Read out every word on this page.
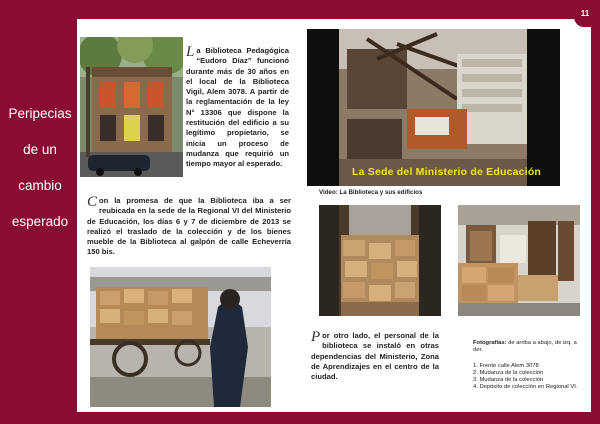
Peripecias
de un
cambio
esperado
11
La Biblioteca Pedagógica “Eudoro Díaz” funcionó durante más de 30 años en el local de la Biblioteca Vigil, Alem 3078. A partir de la reglamentación de la ley N° 13306 que dispone la restitución del edificio a su legítimo propietario, se inicia un proceso de mudanza que requirió un tiempo mayor al esperado.
La Sede del Ministerio de Educación
Video: La Biblioteca y sus edificios
Con la promesa de que la Biblioteca iba a ser reubicada en la sede de la Regional VI del Ministerio de Educación, los días 6 y 7 de diciembre de 2013 se realizó el traslado de la colección y de los bienes mueble de la Biblioteca al galpón de calle Echeverría 150 bis.
Por otro lado, el personal de la biblioteca se instaló en otras dependencias del Ministerio, Zona de Aprendizajes en el centro de la ciudad.
Fotografías: de arriba a abajo, de izq. a der.
1. Frente calle Alem 3078
2. Mudanza de la colección
3. Mudanza de la colección
4. Depósito de colección en Regional VI.
